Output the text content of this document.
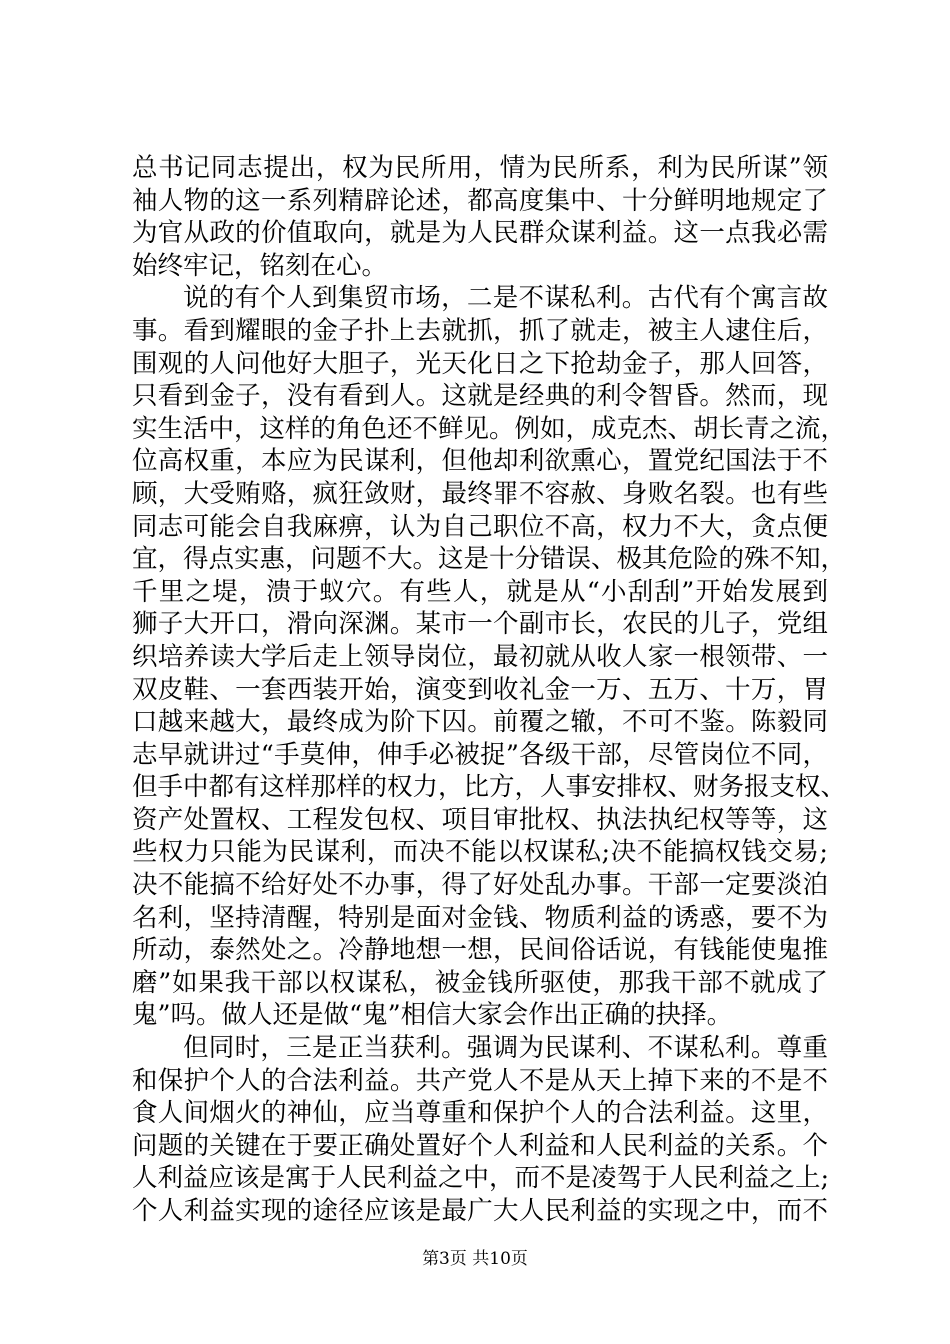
总书记同志提出，权为民所用，情为民所系，利为民所谋”领
袖人物的这一系列精辟论述，都高度集中、十分鲜明地规定了
为官从政的价值取向，就是为人民群众谋利益。这一点我必需
始终牢记，铭刻在心。
说的有个人到集贸市场，二是不谋私利。古代有个寓言故
事。看到耀眼的金子扑上去就抓，抓了就走，被主人逮住后，
围观的人问他好大胆子，光天化日之下抢劫金子，那人回答，
只看到金子，没有看到人。这就是经典的利令智昏。然而，现
实生活中，这样的角色还不鲜见。例如，成克杰、胡长青之流，
位高权重，本应为民谋利，但他却利欲熏心，置党纪国法于不
顾，大受贿赂，疯狂敛财，最终罪不容赦、身败名裂。也有些
同志可能会自我麻痹，认为自己职位不高，权力不大，贪点便
宜，得点实惠，问题不大。这是十分错误、极其危险的殊不知，
千里之堤，溃于蚁穴。有些人，就是从“小刮刮”开始发展到
狮子大开口，滑向深渊。某市一个副市长，农民的儿子，党组
织培养读大学后走上领导岗位，最初就从收人家一根领带、一
双皮鞋、一套西装开始，演变到收礼金一万、五万、十万，胃
口越来越大，最终成为阶下囚。前覆之辙，不可不鉴。陈毅同
志早就讲过“手莫伸，伸手必被捉”各级干部，尽管岗位不同，
但手中都有这样那样的权力，比方，人事安排权、财务报支权、
资产处置权、工程发包权、项目审批权、执法执纪权等等，这
些权力只能为民谋利，而决不能以权谋私;决不能搞权钱交易;
决不能搞不给好处不办事，得了好处乱办事。干部一定要淡泊
名利，坚持清醒，特别是面对金钱、物质利益的诱惑，要不为
所动，泰然处之。冷静地想一想，民间俗话说，有钱能使鬼推
磨”如果我干部以权谋私，被金钱所驱使，那我干部不就成了
鬼”吗。做人还是做“鬼”相信大家会作出正确的抉择。
但同时，三是正当获利。强调为民谋利、不谋私利。尊重
和保护个人的合法利益。共产党人不是从天上掉下来的不是不
食人间烟火的神仙，应当尊重和保护个人的合法利益。这里，
问题的关键在于要正确处置好个人利益和人民利益的关系。个
人利益应该是寓于人民利益之中，而不是凌驾于人民利益之上;
个人利益实现的途径应该是最广大人民利益的实现之中，而不
第3页 共10页
